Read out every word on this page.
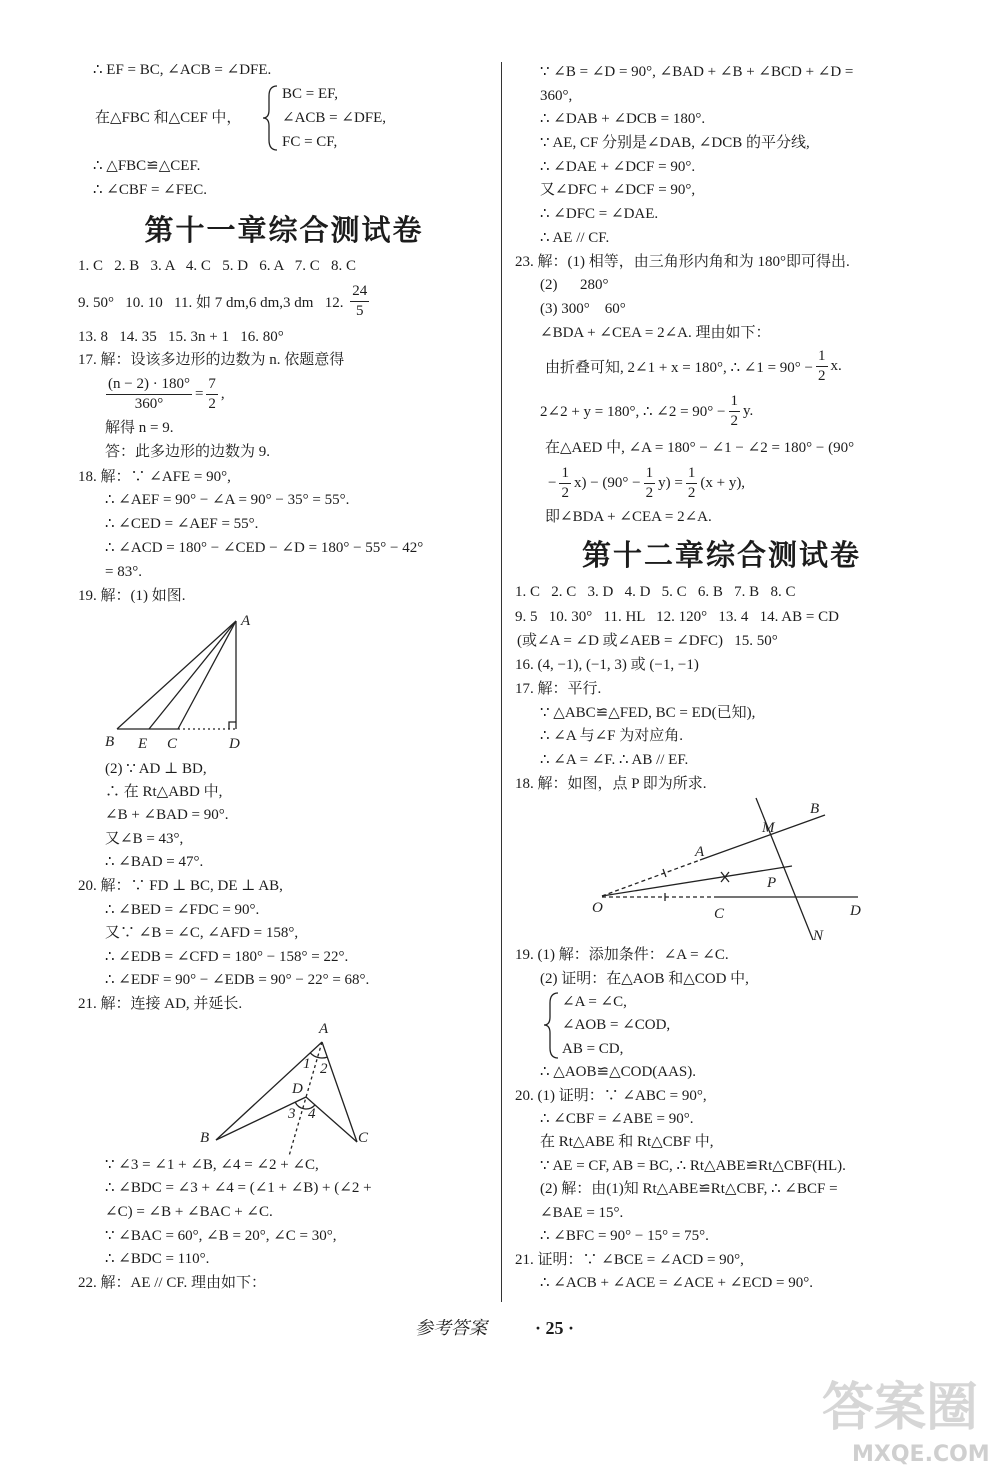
∴ EF = BC, ∠ACB = ∠DFE.
在△FBC 和△CEF 中，
BC = EF,
∠ACB = ∠DFE,
FC = CF,
∴ △FBC≌△CEF.
∴ ∠CBF = ∠FEC.
第十一章综合测试卷
1. C   2. B   3. A   4. C   5. D   6. A   7. C   8. C
9. 50°   10. 10   11. 如 7 dm,6 dm,3 dm   12. $\frac{24}{5}$
13. 8   14. 35   15. 3n + 1   16. 80°
17. 解：设该多边形的边数为 n. 依题意得
$\frac{(n - 2) \cdot 180^\circ}{360^\circ} = \frac{7}{2}$ ,
解得 n = 9.
答：此多边形的边数为 9.
18. 解：∵ ∠AFE = 90°,
∴ ∠AEF = 90° − ∠A = 90° − 35° = 55°.
∴ ∠CED = ∠AEF = 55°.
∴ ∠ACD = 180° − ∠CED − ∠D = 180° − 55° − 42°
= 83°.
19. 解：(1) 如图.
(2) ∵ AD ⊥ BD,
∴ 在 Rt△ABD 中,
∠B + ∠BAD = 90°.
又∠B = 43°,
∴ ∠BAD = 47°.
20. 解：∵ FD ⊥ BC, DE ⊥ AB,
∴ ∠BED = ∠FDC = 90°.
又∵ ∠B = ∠C, ∠AFD = 158°,
∴ ∠EDB = ∠CFD = 180° − 158° = 22°.
∴ ∠EDF = 90° − ∠EDB = 90° − 22° = 68°.
21. 解：连接 AD, 并延长.
∵ ∠3 = ∠1 + ∠B, ∠4 = ∠2 + ∠C,
∴ ∠BDC = ∠3 + ∠4 = (∠1 + ∠B) + (∠2 +
∠C) = ∠B + ∠BAC + ∠C.
∵ ∠BAC = 60°, ∠B = 20°, ∠C = 30°,
∴ ∠BDC = 110°.
22. 解：AE // CF. 理由如下：
∵ ∠B = ∠D = 90°, ∠BAD + ∠B + ∠BCD + ∠D =
360°,
∴ ∠DAB + ∠DCB = 180°.
∵ AE, CF 分别是∠DAB, ∠DCB 的平分线,
∴ ∠DAE + ∠DCF = 90°.
又∠DFC + ∠DCF = 90°,
∴ ∠DFC = ∠DAE.
∴ AE // CF.
23. 解：(1) 相等，由三角形内角和为 180°即可得出.
(2)      280°
(3) 300°    60°
∠BDA + ∠CEA = 2∠A. 理由如下：
由折叠可知, 2∠1 + x = 180°, ∴ ∠1 = $90^\circ - \frac{1}{2} x$.
2∠2 + y = 180°, ∴ ∠2 = $90^\circ - \frac{1}{2} y$.
在△AED 中, ∠A = 180° − ∠1 − ∠2 = 180° − (90°
− $\frac{1}{2} x) - (90^\circ - \frac{1}{2} y) = \frac{1}{2} (x + y)$,
即∠BDA + ∠CEA = 2∠A.
第十二章综合测试卷
1. C   2. C   3. D   4. D   5. C   6. B   7. B   8. C
9. 5   10. 30°   11. HL   12. 120°   13. 4   14. AB = CD
(或∠A = ∠D 或∠AEB = ∠DFC)   15. 50°
16. (4, −1), (−1, 3) 或 (−1, −1)
17. 解：平行.
∵ △ABC≌△FED, BC = ED(已知),
∴ ∠A 与∠F 为对应角.
∴ ∠A = ∠F. ∴ AB // EF.
18. 解：如图，点 P 即为所求.
19. (1) 解：添加条件：∠A = ∠C.
(2) 证明：在△AOB 和△COD 中,
∠A = ∠C,
∠AOB = ∠COD,
AB = CD,
∴ △AOB≌△COD(AAS).
20. (1) 证明：∵ ∠ABC = 90°,
∴ ∠CBF = ∠ABE = 90°.
在 Rt△ABE 和 Rt△CBF 中,
∵ AE = CF, AB = BC, ∴ Rt△ABE≌Rt△CBF(HL).
(2) 解：由(1)知 Rt△ABE≌Rt△CBF, ∴ ∠BCF =
∠BAE = 15°.
∴ ∠BFC = 90° − 15° = 75°.
21. 证明：∵ ∠BCE = ∠ACD = 90°,
∴ ∠ACB + ∠ACE = ∠ACE + ∠ECD = 90°.
A
B E C	D
A
1 2
D
3 4
B	C
B
M
A
P
O	C	D
N
参考答案	· 25 ·
答案圈
MXQE.COM
